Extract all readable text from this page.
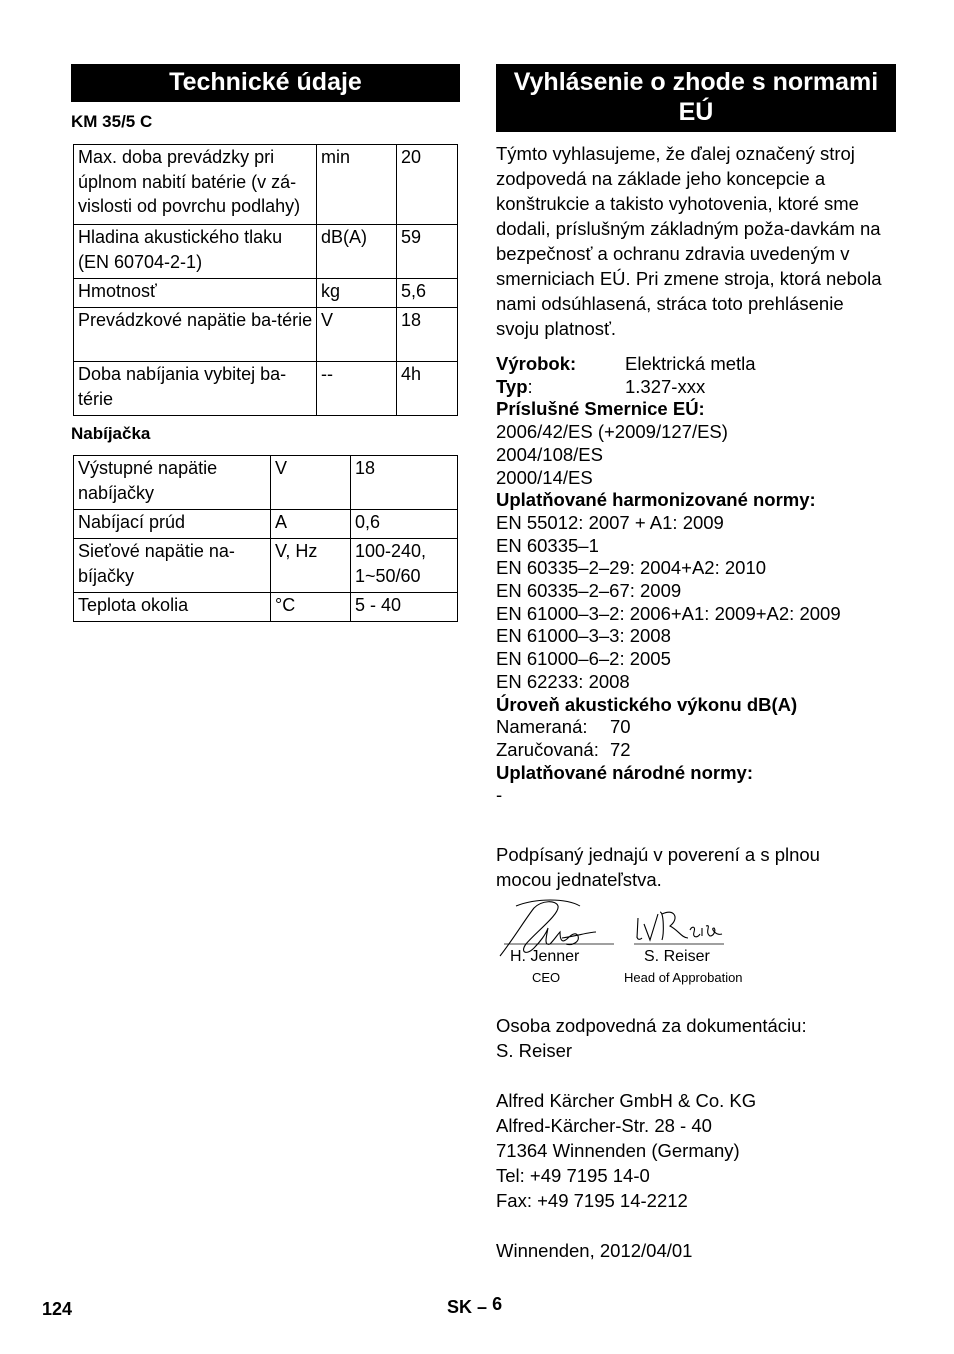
Technické údaje
KM 35/5 C
Max. doba prevádzky pri úplnom nabití batérie (v zá-vislosti od povrchu podlahy)	min	20
Hladina akustického tlaku (EN 60704-2-1)	dB(A)	59
Hmotnosť	kg	5,6
Prevádzkové napätie ba-térie	V	18
Doba nabíjania vybitej ba-térie	--	4h
Nabíjačka
Výstupné napätie nabíjačky	V	18
Nabíjací prúd	A	0,6
Sieťové napätie na-bíjačky	V, Hz	100-240, 1~50/60
Teplota okolia	°C	5 - 40
Vyhlásenie o zhode s normami EÚ
Týmto vyhlasujeme, že ďalej označený stroj zodpovedá na základe jeho koncepcie a konštrukcie a takisto vyhotovenia, ktoré sme dodali, príslušným základným poža-davkám na bezpečnosť a ochranu zdravia uvedeným v smerniciach EÚ. Pri zmene stroja, ktorá nebola nami odsúhlasená, stráca toto prehlásenie svoju platnosť.
Výrobok:	Elektrická metla
Typ:	1.327-xxx
Príslušné Smernice EÚ:
2006/42/ES (+2009/127/ES)
2004/108/ES
2000/14/ES
Uplatňované harmonizované normy:
EN 55012: 2007 + A1: 2009
EN 60335–1
EN 60335–2–29: 2004+A2: 2010
EN 60335–2–67: 2009
EN 61000–3–2: 2006+A1: 2009+A2: 2009
EN 61000–3–3: 2008
EN 61000–6–2: 2005
EN 62233: 2008
Úroveň akustického výkonu dB(A)
Nameraná: 70
Zaručovaná: 72
Uplatňované národné normy:
-
Podpísaný jednajú v poverení a s plnou mocou jednateľstva.
H. Jenner
CEO
S. Reiser
Head of Approbation
Osoba zodpovedná za dokumentáciu:
S. Reiser
Alfred Kärcher GmbH & Co. KG
Alfred-Kärcher-Str. 28 - 40
71364 Winnenden (Germany)
Tel: +49 7195 14-0
Fax: +49 7195 14-2212
Winnenden, 2012/04/01
124	SK – 6
